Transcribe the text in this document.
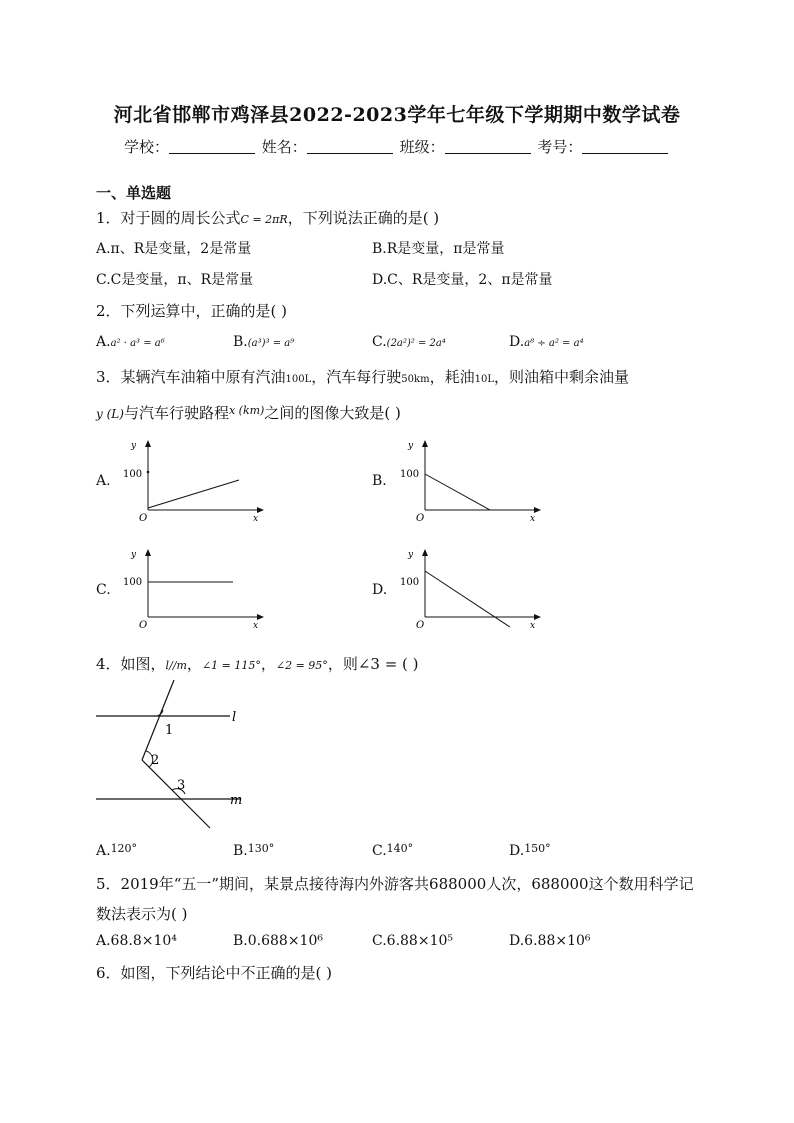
河北省邯郸市鸡泽县2022-2023学年七年级下学期期中数学试卷
学校：	姓名：	班级：	考号：
一、单选题
1．对于圆的周长公式C = 2πR，下列说法正确的是( )
A.π、R是变量，2是常量	B.R是变量，π是常量
C.C是变量，π、R是常量	D.C、R是变量，2、π是常量
2．下列运算中，正确的是( )
A.a² · a³ = a⁶	B.(a³)³ = a⁹	C.(2a²)² = 2a⁴	D.a⁸ ÷ a² = a⁴
3．某辆汽车油箱中原有汽油100L，汽车每行驶50km，耗油10L，则油箱中剩余油量
y (L)与汽车行驶路程$^{x (km)}$之间的图像大致是( )
A.	B.
C.	D.
100
y
x
O
100
y
x
O
100
y
x
O
100
y
x
O
4．如图，l//m，∠1 = 115°，∠2 = 95°，则∠3 = ( )
l
m
1
2
3
A.$^{120^\circ}$	B.$^{130^\circ}$	C.$^{140^\circ}$	D.$^{150^\circ}$
5．2019年“五一”期间，某景点接待海内外游客共688000人次，688000这个数用科学记
数法表示为( )
A.68.8×10⁴	B.0.688×10⁶	C.6.88×10⁵	D.6.88×10⁶
6．如图，下列结论中不正确的是( )
